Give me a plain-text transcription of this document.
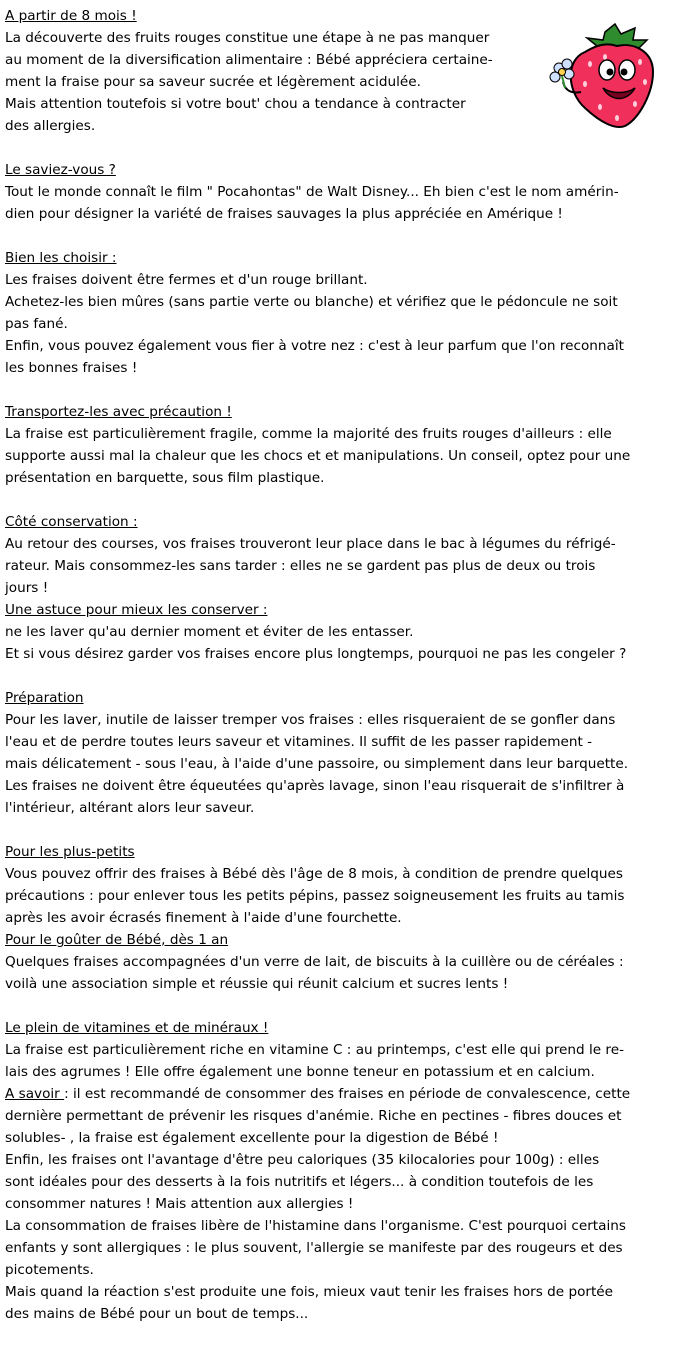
A partir de 8 mois !
La découverte des fruits rouges constitue une étape à ne pas manquer
au moment de la diversification alimentaire : Bébé appréciera certaine-
ment la fraise pour sa saveur sucrée et légèrement acidulée.
Mais attention toutefois si votre bout' chou a tendance à contracter
des allergies.
Le saviez-vous ?
Tout le monde connaît le film " Pocahontas" de Walt Disney... Eh bien c'est le nom amérin-
dien pour désigner la variété de fraises sauvages la plus appréciée en Amérique !
Bien les choisir :
Les fraises doivent être fermes et d'un rouge brillant.
Achetez-les bien mûres (sans partie verte ou blanche) et vérifiez que le pédoncule ne soit
pas fané.
Enfin, vous pouvez également vous fier à votre nez : c'est à leur parfum que l'on reconnaît
les bonnes fraises !
Transportez-les avec précaution !
La fraise est particulièrement fragile, comme la majorité des fruits rouges d'ailleurs : elle
supporte aussi mal la chaleur que les chocs et et manipulations. Un conseil, optez pour une
présentation en barquette, sous film plastique.
Côté conservation :
Au retour des courses, vos fraises trouveront leur place dans le bac à légumes du réfrigé-
rateur. Mais consommez-les sans tarder : elles ne se gardent pas plus de deux ou trois
jours !
Une astuce pour mieux les conserver :
ne les laver qu'au dernier moment et éviter de les entasser.
Et si vous désirez garder vos fraises encore plus longtemps, pourquoi ne pas les congeler ?
Préparation
Pour les laver, inutile de laisser tremper vos fraises : elles risqueraient de se gonfler dans
l'eau et de perdre toutes leurs saveur et vitamines. Il suffit de les passer rapidement -
mais délicatement - sous l'eau, à l'aide d'une passoire, ou simplement dans leur barquette.
Les fraises ne doivent être équeutées qu'après lavage, sinon l'eau risquerait de s'infiltrer à
l'intérieur, altérant alors leur saveur.
Pour les plus-petits
Vous pouvez offrir des fraises à Bébé dès l'âge de 8 mois, à condition de prendre quelques
précautions : pour enlever tous les petits pépins, passez soigneusement les fruits au tamis
après les avoir écrasés finement à l'aide d'une fourchette.
Pour le goûter de Bébé, dès 1 an
Quelques fraises accompagnées d'un verre de lait, de biscuits à la cuillère ou de céréales :
voilà une association simple et réussie qui réunit calcium et sucres lents !
Le plein de vitamines et de minéraux !
La fraise est particulièrement riche en vitamine C : au printemps, c'est elle qui prend le re-
lais des agrumes ! Elle offre également une bonne teneur en potassium et en calcium.
A savoir : il est recommandé de consommer des fraises en période de convalescence, cette
dernière permettant de prévenir les risques d'anémie. Riche en pectines - fibres douces et
solubles- , la fraise est également excellente pour la digestion de Bébé !
Enfin, les fraises ont l'avantage d'être peu caloriques (35 kilocalories pour 100g) : elles
sont idéales pour des desserts à la fois nutritifs et légers... à condition toutefois de les
consommer natures ! Mais attention aux allergies !
La consommation de fraises libère de l'histamine dans l'organisme. C'est pourquoi certains
enfants y sont allergiques : le plus souvent, l'allergie se manifeste par des rougeurs et des
picotements.
Mais quand la réaction s'est produite une fois, mieux vaut tenir les fraises hors de portée
des mains de Bébé pour un bout de temps...
